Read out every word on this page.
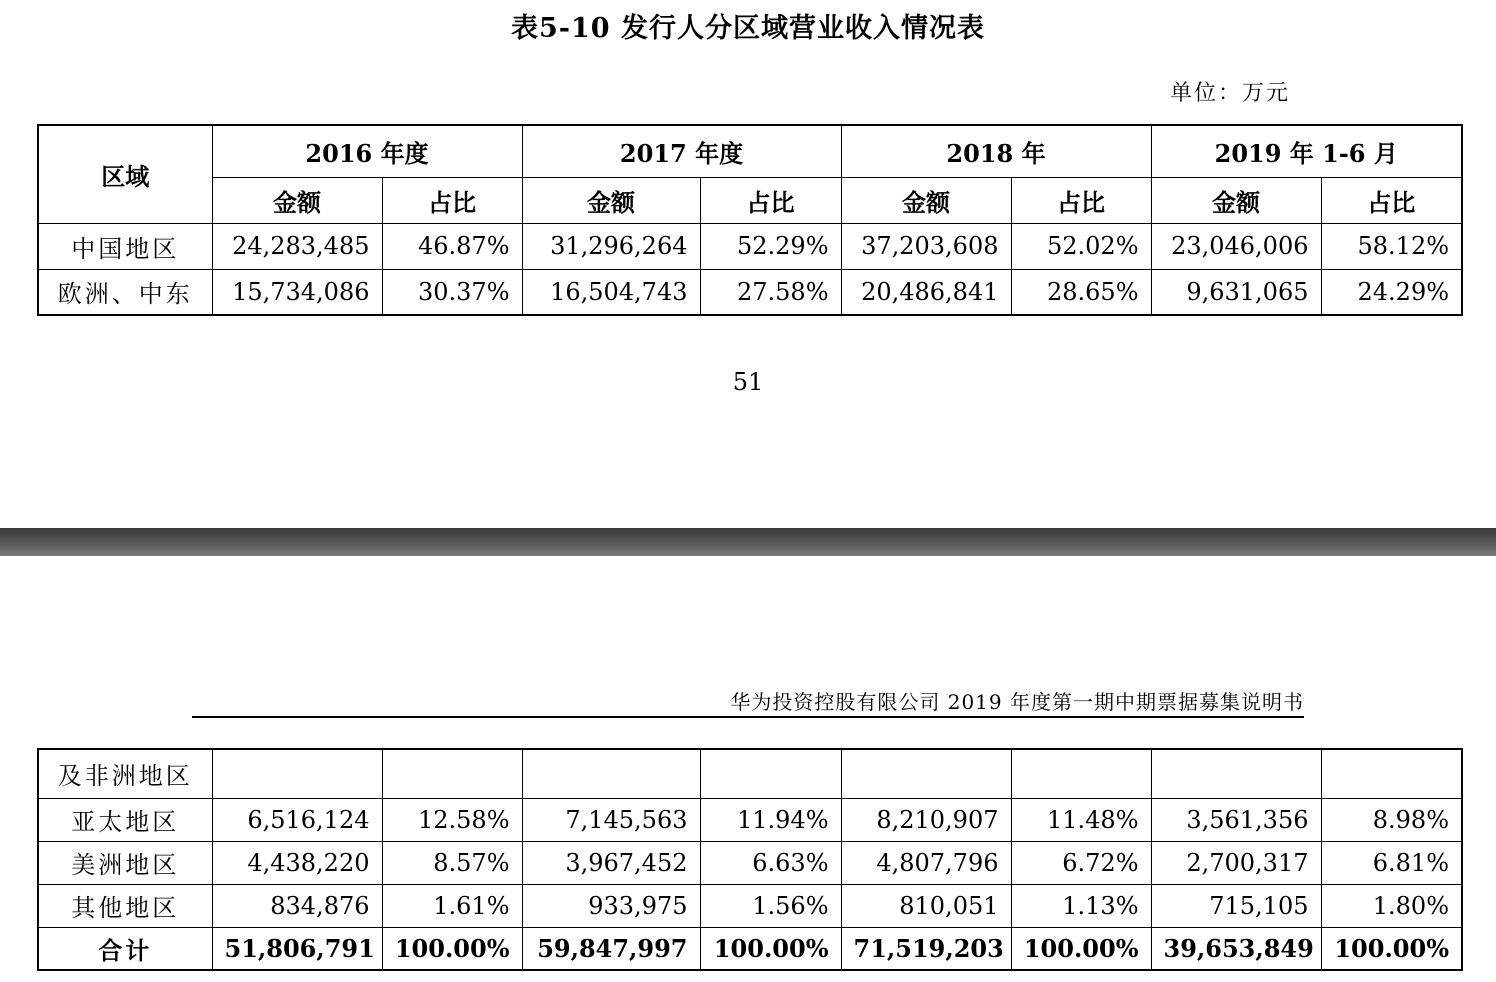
表5-10 发行人分区域营业收入情况表
单位：万元
区域	2016 年度		2017 年度		2018 年		2019 年 1-6 月	
	金额	占比	金额	占比	金额	占比	金额	占比
中国地区	24,283,485	46.87%	31,296,264	52.29%	37,203,608	52.02%	23,046,006	58.12%
欧洲、中东	15,734,086	30.37%	16,504,743	27.58%	20,486,841	28.65%	9,631,065	24.29%
51
华为投资控股有限公司 2019 年度第一期中期票据募集说明书
及非洲地区								
亚太地区	6,516,124	12.58%	7,145,563	11.94%	8,210,907	11.48%	3,561,356	8.98%
美洲地区	4,438,220	8.57%	3,967,452	6.63%	4,807,796	6.72%	2,700,317	6.81%
其他地区	834,876	1.61%	933,975	1.56%	810,051	1.13%	715,105	1.80%
合计	51,806,791	100.00%	59,847,997	100.00%	71,519,203	100.00%	39,653,849	100.00%
